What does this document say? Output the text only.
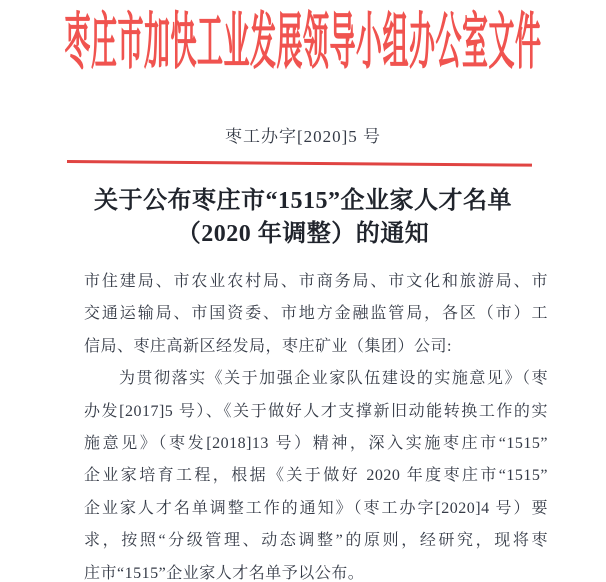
枣庄市加快工业发展领导小组办公室文件
枣工办字[2020]5 号
关于公布枣庄市“1515”企业家人才名单
（2020 年调整）的通知
市住建局、市农业农村局、市商务局、市文化和旅游局、市
交通运输局、市国资委、市地方金融监管局，各区（市）工
信局、枣庄高新区经发局，枣庄矿业（集团）公司:
　　为贯彻落实《关于加强企业家队伍建设的实施意见》（枣
办发[2017]5 号）、《关于做好人才支撑新旧动能转换工作的实
施意见》（枣发[2018]13 号）精神，深入实施枣庄市“1515”
企业家培育工程，根据《关于做好 2020 年度枣庄市“1515”
企业家人才名单调整工作的通知》（枣工办字[2020]4 号）要
求，按照“分级管理、动态调整”的原则，经研究，现将枣
庄市“1515”企业家人才名单予以公布。
